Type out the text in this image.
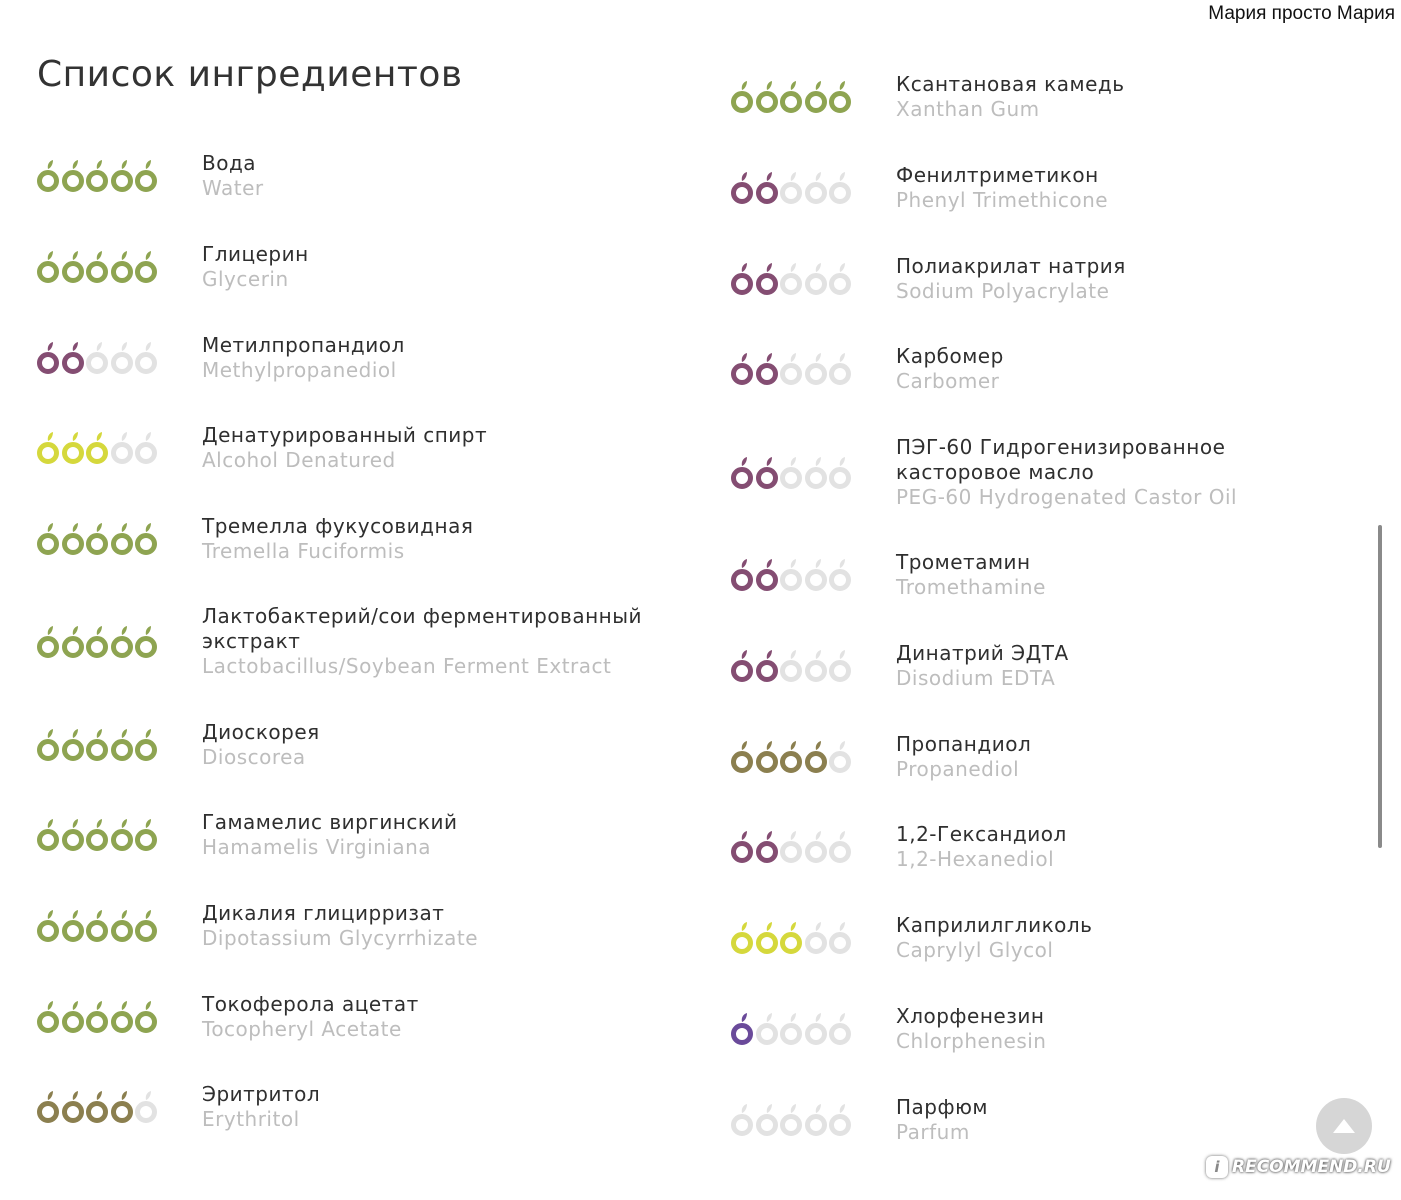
Мария просто Мария
Список ингредиентов
Вода
Water
Глицерин
Glycerin
Метилпропандиол
Methylpropanediol
Денатурированный спирт
Alcohol Denatured
Тремелла фукусовидная
Tremella Fuciformis
Лактобактерий/сои ферментированный экстракт
Lactobacillus/Soybean Ferment Extract
Диоскорея
Dioscorea
Гамамелис виргинский
Hamamelis Virginiana
Дикалия глицирризат
Dipotassium Glycyrrhizate
Токоферола ацетат
Tocopheryl Acetate
Эритритол
Erythritol
Ксантановая камедь
Xanthan Gum
Фенилтриметикон
Phenyl Trimethicone
Полиакрилат натрия
Sodium Polyacrylate
Карбомер
Carbomer
ПЭГ-60 Гидрогенизированное касторовое масло
PEG-60 Hydrogenated Castor Oil
Трометамин
Tromethamine
Динатрий ЭДТА
Disodium EDTA
Пропандиол
Propanediol
1,2-Гександиол
1,2-Hexanediol
Каприлилгликоль
Caprylyl Glycol
Хлорфенезин
Chlorphenesin
Парфюм
Parfum
i RECOMMEND.RU
